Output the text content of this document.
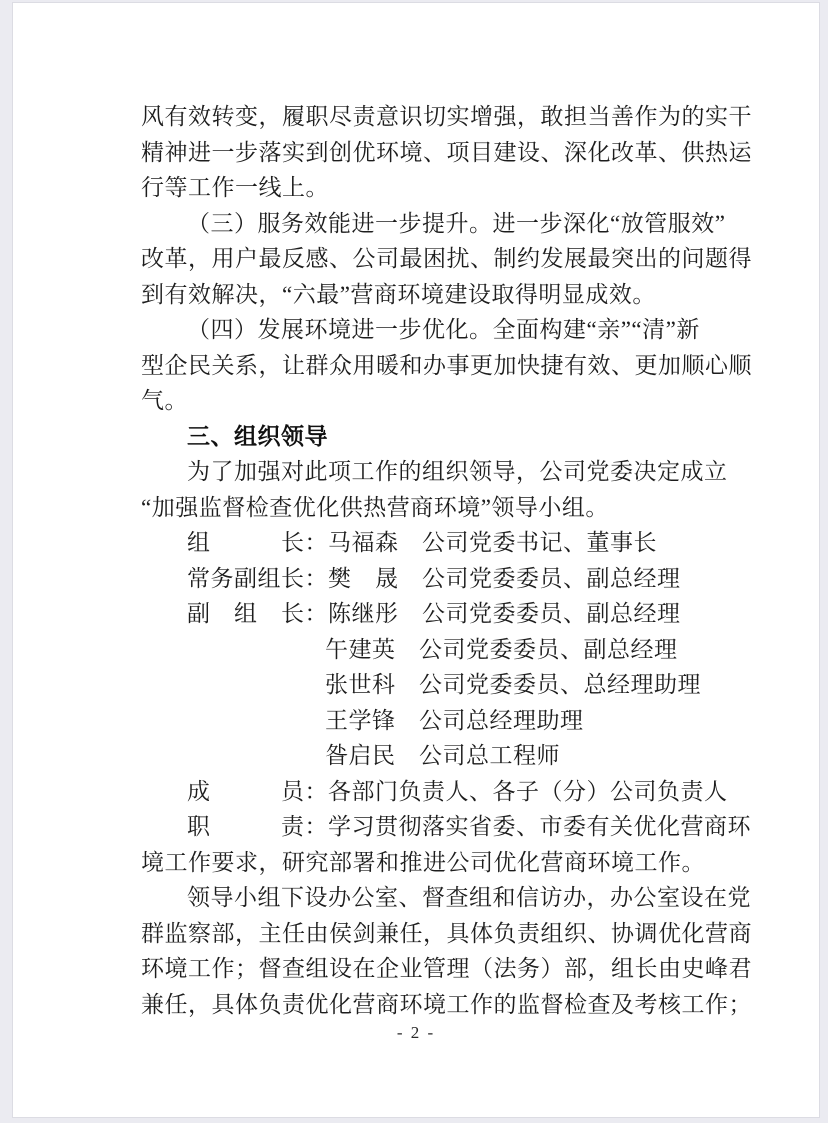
风有效转变，履职尽责意识切实增强，敢担当善作为的实干
精神进一步落实到创优环境、项目建设、深化改革、供热运
行等工作一线上。
（三）服务效能进一步提升。进一步深化“放管服效”
改革，用户最反感、公司最困扰、制约发展最突出的问题得
到有效解决，“六最”营商环境建设取得明显成效。
（四）发展环境进一步优化。全面构建“亲”“清”新
型企民关系，让群众用暖和办事更加快捷有效、更加顺心顺
气。
三、组织领导
为了加强对此项工作的组织领导，公司党委决定成立
“加强监督检查优化供热营商环境”领导小组。
组　　　长：马福森　公司党委书记、董事长
常务副组长：樊　晟　公司党委委员、副总经理
副　组　长：陈继彤　公司党委委员、副总经理
午建英　公司党委委员、副总经理
张世科　公司党委委员、总经理助理
王学锋　公司总经理助理
昝启民　公司总工程师
成　　　员：各部门负责人、各子（分）公司负责人
职　　　责：学习贯彻落实省委、市委有关优化营商环
境工作要求，研究部署和推进公司优化营商环境工作。
领导小组下设办公室、督查组和信访办，办公室设在党
群监察部，主任由侯剑兼任，具体负责组织、协调优化营商
环境工作；督查组设在企业管理（法务）部，组长由史峰君
兼任，具体负责优化营商环境工作的监督检查及考核工作；
- 2 -
